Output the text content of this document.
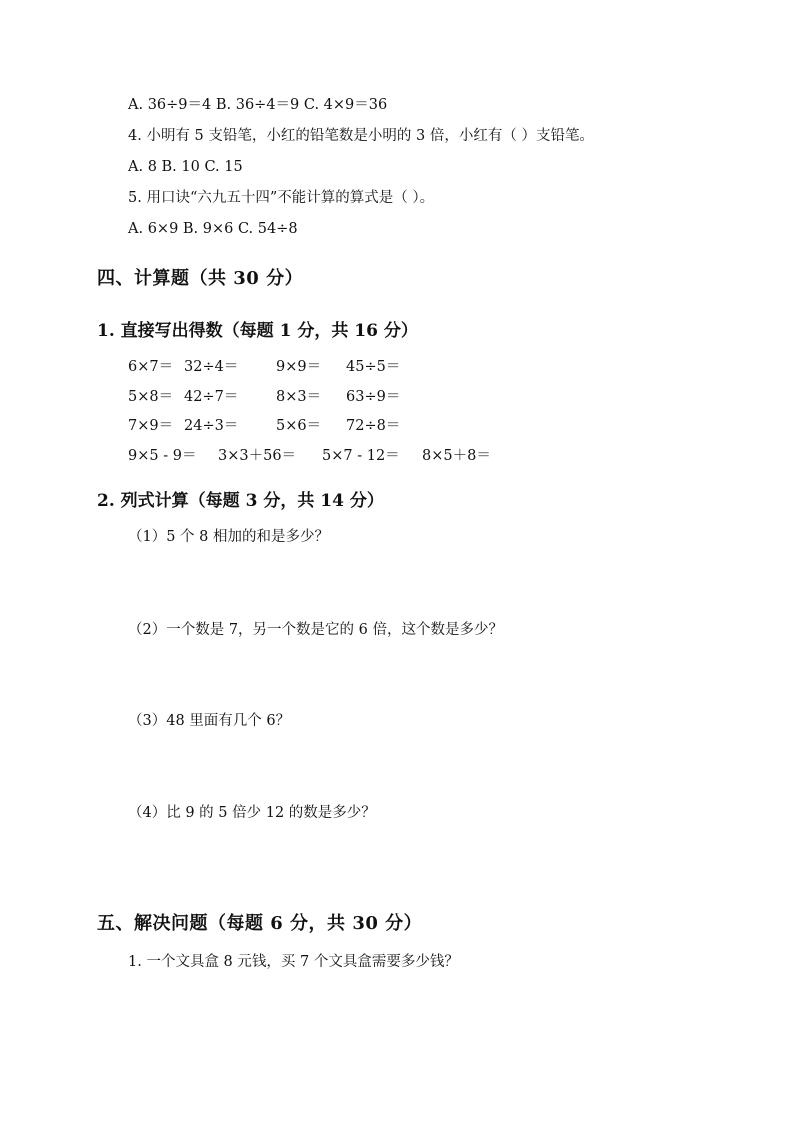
A. 36÷9＝4 B. 36÷4＝9 C. 4×9＝36
4. 小明有 5 支铅笔，小红的铅笔数是小明的 3 倍，小红有（ ）支铅笔。
A. 8 B. 10 C. 15
5. 用口诀“六九五十四”不能计算的算式是（ ）。
A. 6×9 B. 9×6 C. 54÷8
四、计算题（共 30 分）
1. 直接写出得数（每题 1 分，共 16 分）
6×7＝ 32÷4＝	9×9＝ 45÷5＝
5×8＝ 42÷7＝	8×3＝ 63÷9＝
7×9＝ 24÷3＝	5×6＝ 72÷8＝
9×5 - 9＝ 3×3＋56＝ 5×7 - 12＝ 8×5＋8＝
2. 列式计算（每题 3 分，共 14 分）
（1）5 个 8 相加的和是多少？
（2）一个数是 7，另一个数是它的 6 倍，这个数是多少？
（3）48 里面有几个 6？
（4）比 9 的 5 倍少 12 的数是多少？
五、解决问题（每题 6 分，共 30 分）
1. 一个文具盒 8 元钱，买 7 个文具盒需要多少钱？
